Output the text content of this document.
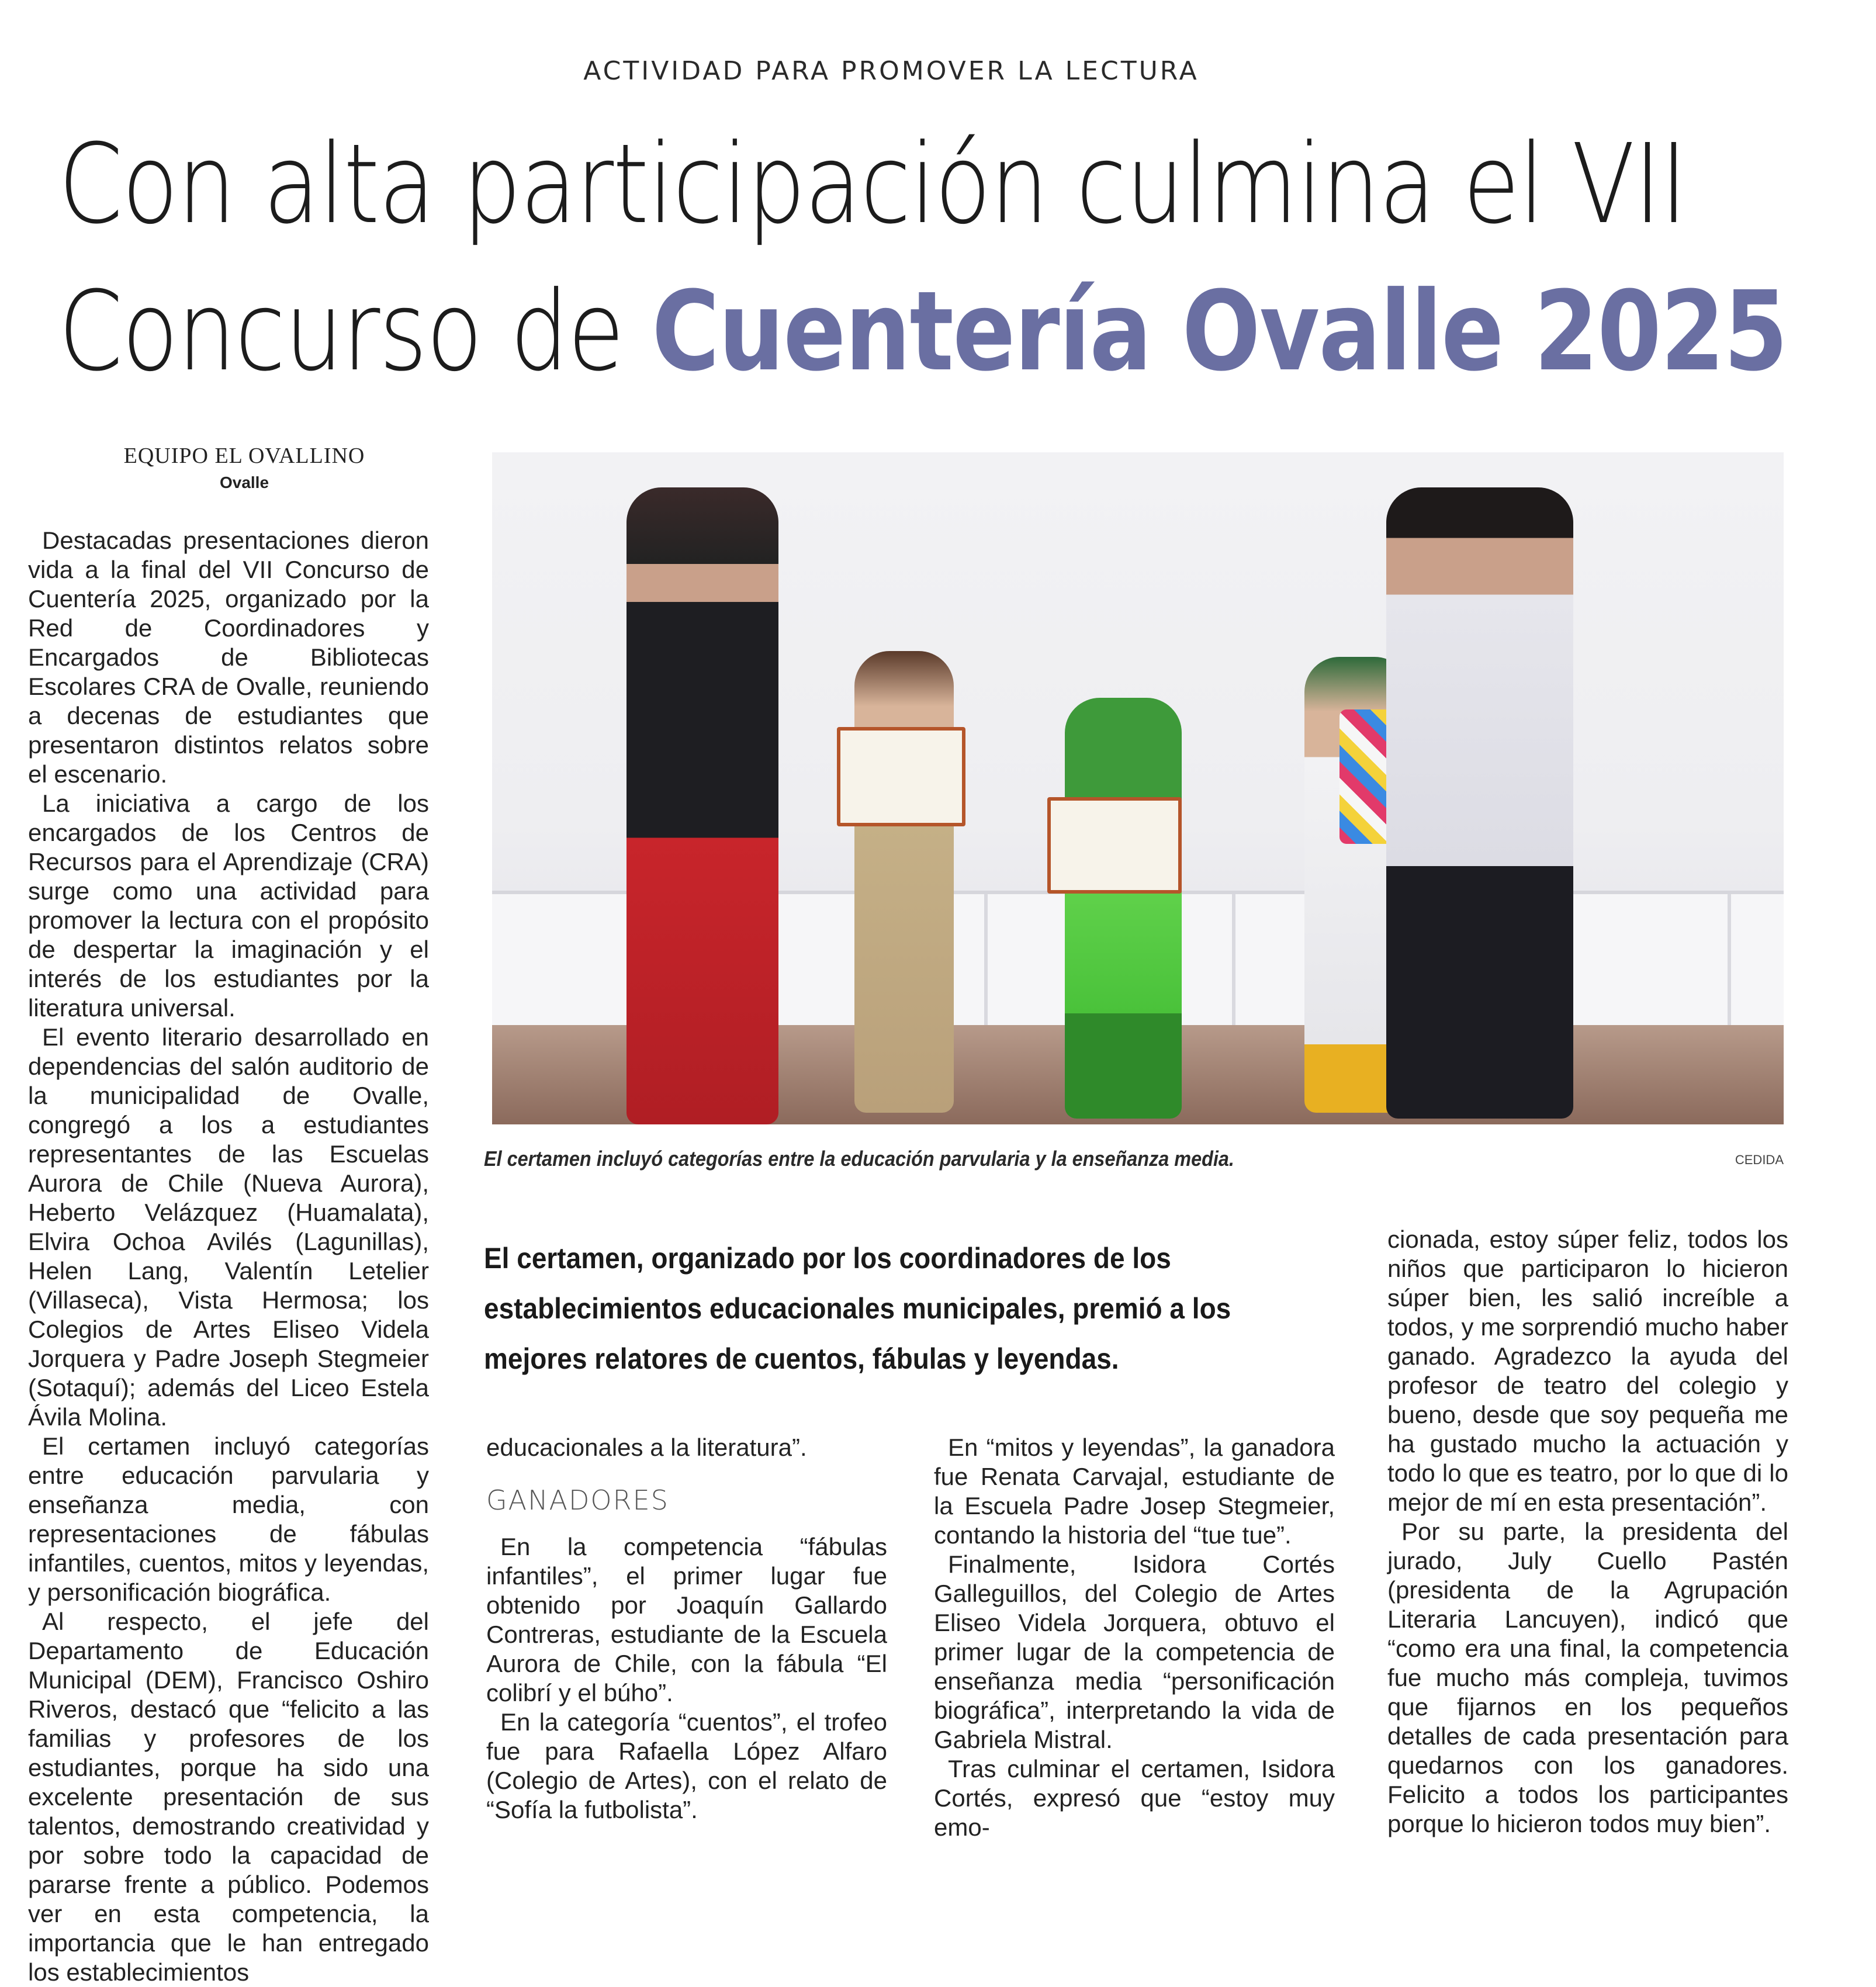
ACTIVIDAD PARA PROMOVER LA LECTURA
Con alta participación culmina el VII
Concurso de Cuentería Ovalle 2025
EQUIPO EL OVALLINO
Ovalle

Destacadas presentaciones dieron vida a la final del VII Concurso de Cuentería 2025, organizado por la Red de Coordinadores y Encargados de Bibliotecas Escolares CRA de Ovalle, reuniendo a decenas de estudiantes que presentaron distintos relatos sobre el escenario.

La iniciativa a cargo de los encargados de los Centros de Recursos para el Aprendizaje (CRA) surge como una actividad para promover la lectura con el propósito de despertar la imaginación y el interés de los estudiantes por la literatura universal.

El evento literario desarrollado en dependencias del salón auditorio de la municipalidad de Ovalle, congregó a los a estudiantes representantes de las Escuelas Aurora de Chile (Nueva Aurora), Heberto Velázquez (Huamalata), Elvira Ochoa Avilés (Lagunillas), Helen Lang, Valentín Letelier (Villaseca), Vista Hermosa; los Colegios de Artes Eliseo Videla Jorquera y Padre Joseph Stegmeier (Sotaquí); además del Liceo Estela Ávila Molina.

El certamen incluyó categorías entre educación parvularia y enseñanza media, con representaciones de fábulas infantiles, cuentos, mitos y leyendas, y personificación biográfica.

Al respecto, el jefe del Departamento de Educación Municipal (DEM), Francisco Oshiro Riveros, destacó que “felicito a las familias y profesores de los estudiantes, porque ha sido una excelente presentación de sus talentos, demostrando creatividad y por sobre todo la capacidad de pararse frente a público. Podemos ver en esta competencia, la importancia que le han entregado los establecimientos

El certamen incluyó categorías entre la educación parvularia y la enseñanza media.	CEDIDA
El certamen, organizado por los coordinadores de los establecimientos educacionales municipales, premió a los mejores relatores de cuentos, fábulas y leyendas.

educacionales a la literatura”.

GANADORES

En la competencia “fábulas infantiles”, el primer lugar fue obtenido por Joaquín Gallardo Contreras, estudiante de la Escuela Aurora de Chile, con la fábula “El colibrí y el búho”.

En la categoría “cuentos”, el trofeo fue para Rafaella López Alfaro (Colegio de Artes), con el relato de “Sofía la futbolista”.

En “mitos y leyendas”, la ganadora fue Renata Carvajal, estudiante de la Escuela Padre Josep Stegmeier, contando la historia del “tue tue”.

Finalmente, Isidora Cortés Galleguillos, del Colegio de Artes Eliseo Videla Jorquera, obtuvo el primer lugar de la competencia de enseñanza media “personificación biográfica”, interpretando la vida de Gabriela Mistral.

Tras culminar el certamen, Isidora Cortés, expresó que “estoy muy emo-

cionada, estoy súper feliz, todos los niños que participaron lo hicieron súper bien, les salió increíble a todos, y me sorprendió mucho haber ganado. Agradezco la ayuda del profesor de teatro del colegio y bueno, desde que soy pequeña me ha gustado mucho la actuación y todo lo que es teatro, por lo que di lo mejor de mí en esta presentación”.

Por su parte, la presidenta del jurado, July Cuello Pastén (presidenta de la Agrupación Literaria Lancuyen), indicó que “como era una final, la competencia fue mucho más compleja, tuvimos que fijarnos en los pequeños detalles de cada presentación para quedarnos con los ganadores. Felicito a todos los participantes porque lo hicieron todos muy bien”.
